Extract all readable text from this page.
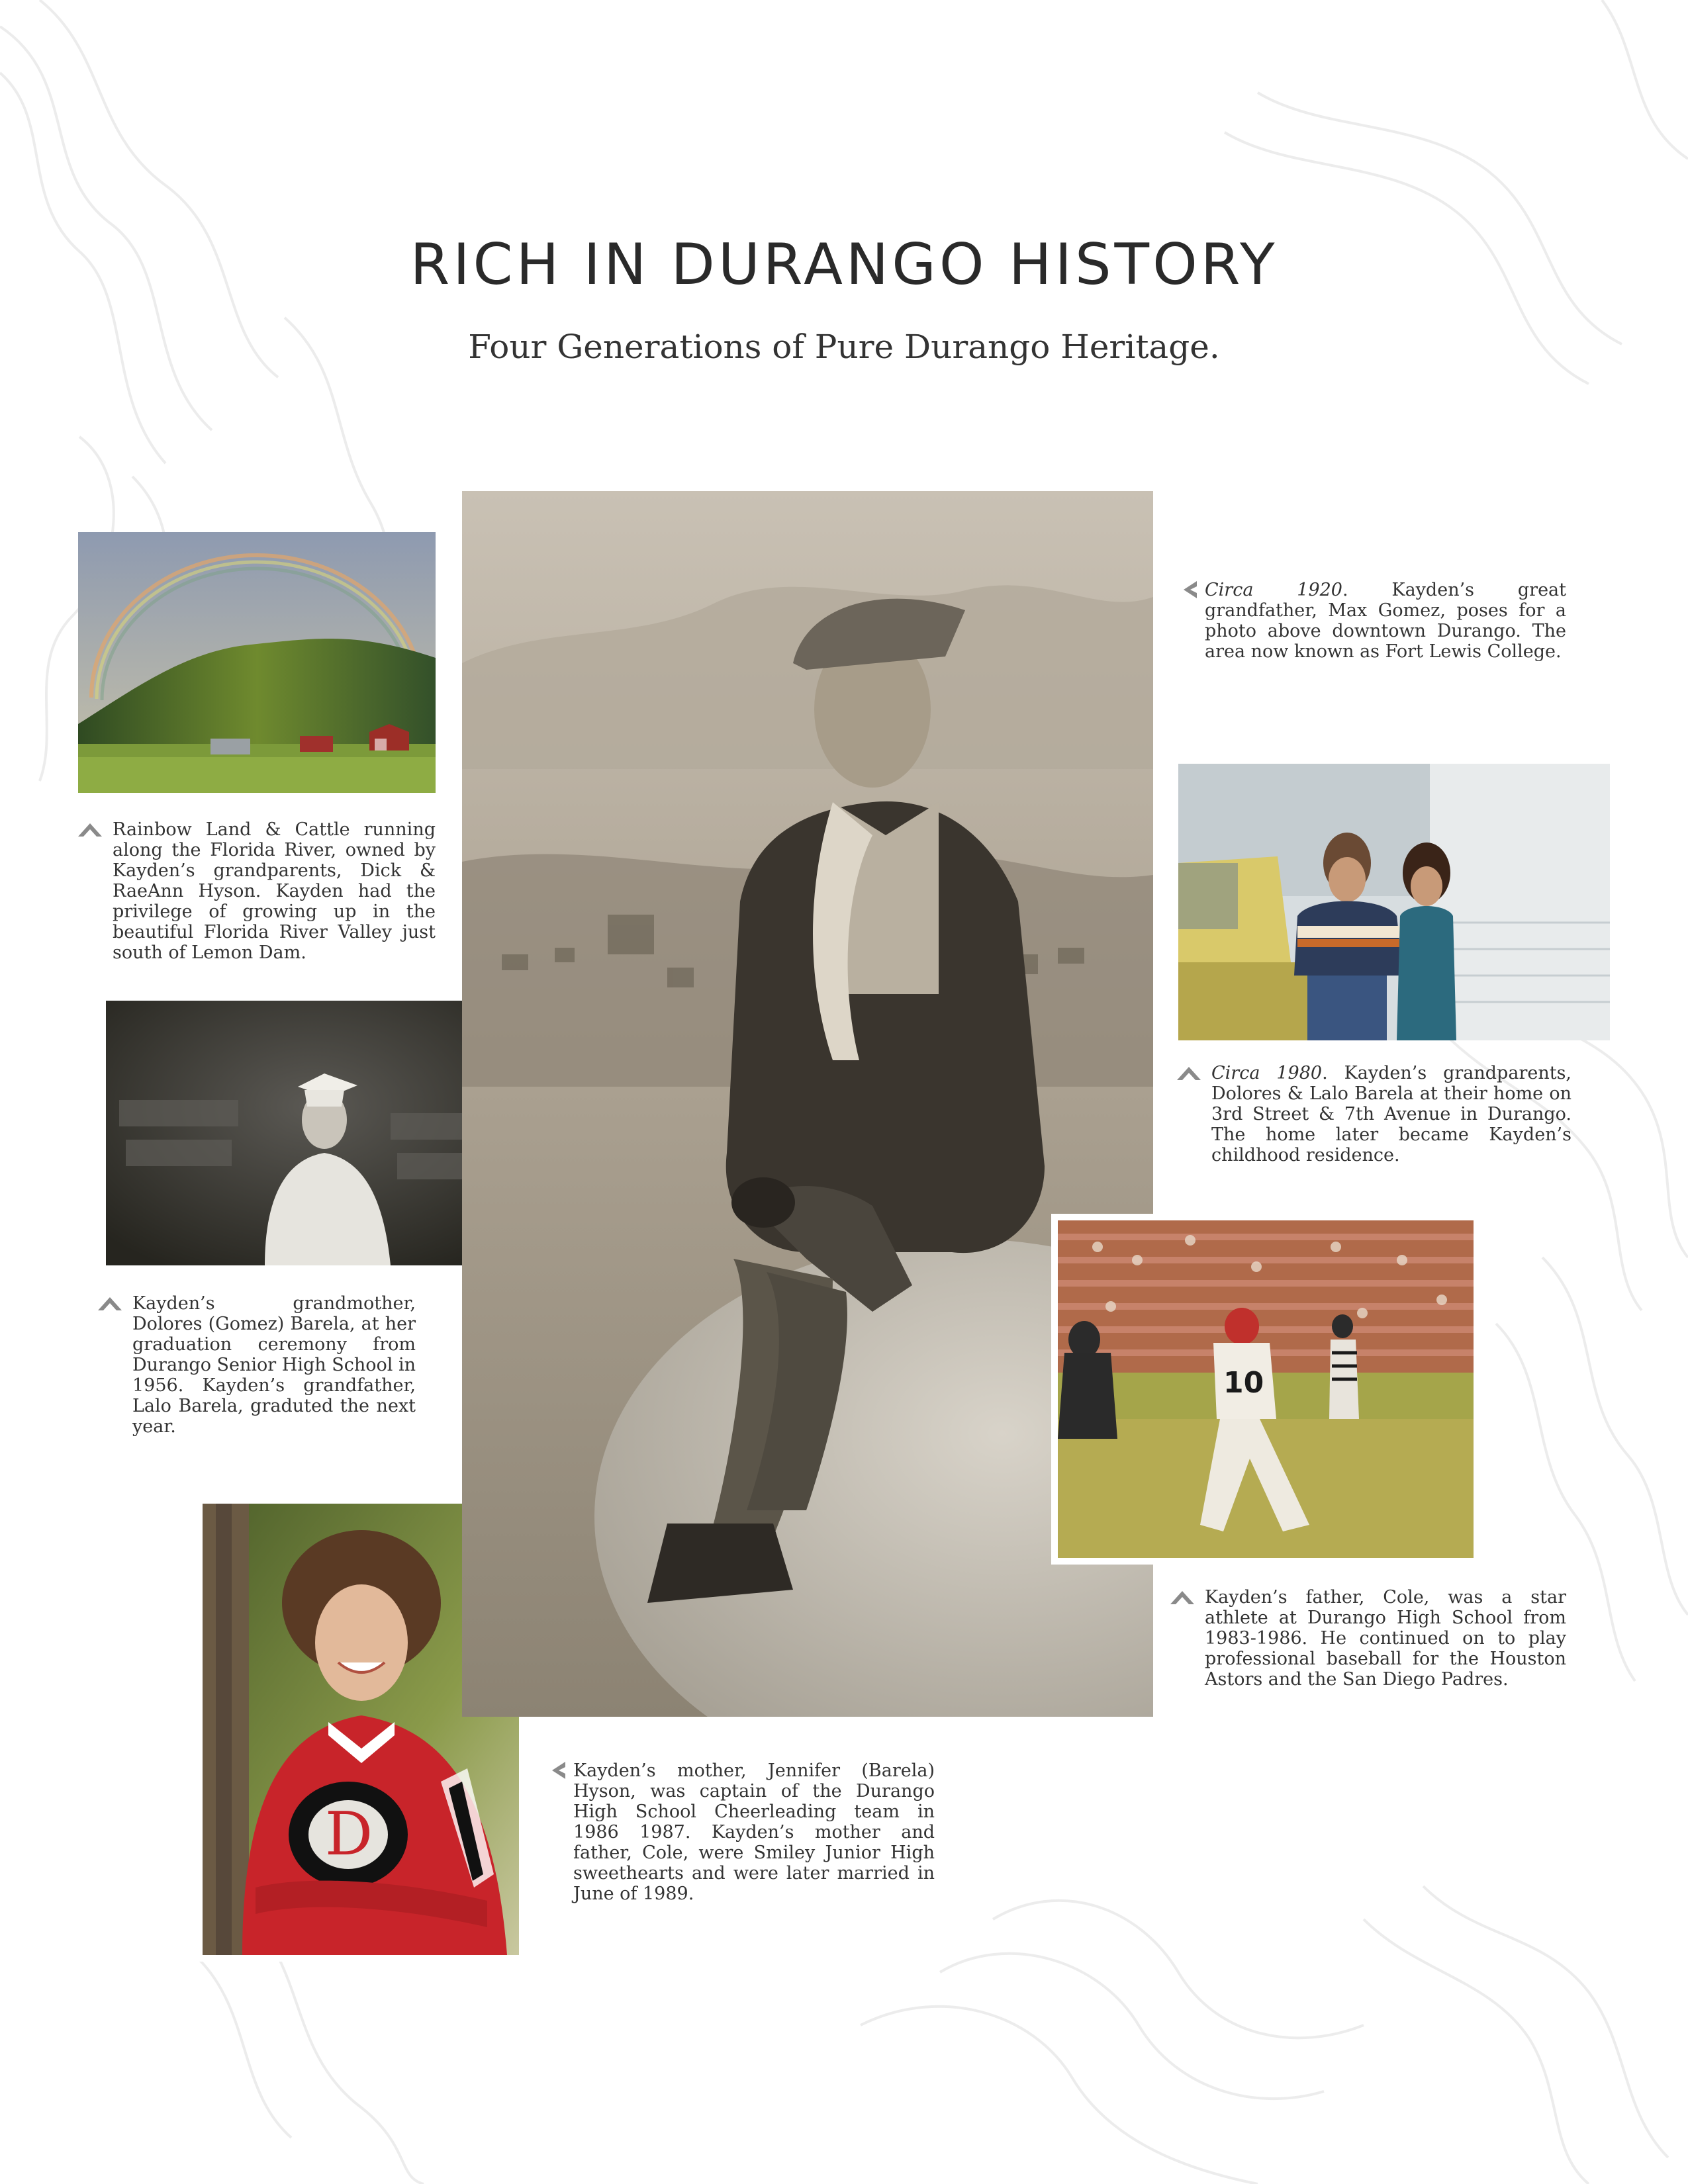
RICH IN DURANGO HISTORY

Four Generations of Pure Durango Heritage.

D
10
Rainbow Land & Cattle running along the Florida River, owned by Kayden’s grandparents, Dick & RaeAnn Hyson. Kayden had the privilege of growing up in the beautiful Florida River Valley just south of Lemon Dam.
Kayden’s grandmother, Dolores (Gomez) Barela, at her graduation ceremony from Durango Senior High School in 1956. Kayden’s grandfather, Lalo Barela, graduted the next year.
Kayden’s mother, Jennifer (Barela) Hyson, was captain of the Durango High School Cheerleading team in 1986 1987. Kayden’s mother and father, Cole, were Smiley Junior High sweethearts and were later married in June of 1989.
Circa 1920. Kayden’s great grandfather, Max Gomez, poses for a photo above downtown Durango. The area now known as Fort Lewis College.
Circa 1980. Kayden’s grandparents, Dolores & Lalo Barela at their home on 3rd Street & 7th Avenue in Durango. The home later became Kayden’s childhood residence.
Kayden’s father, Cole, was a star athlete at Durango High School from 1983-1986. He continued on to play professional baseball for the Houston Astors and the San Diego Padres.
